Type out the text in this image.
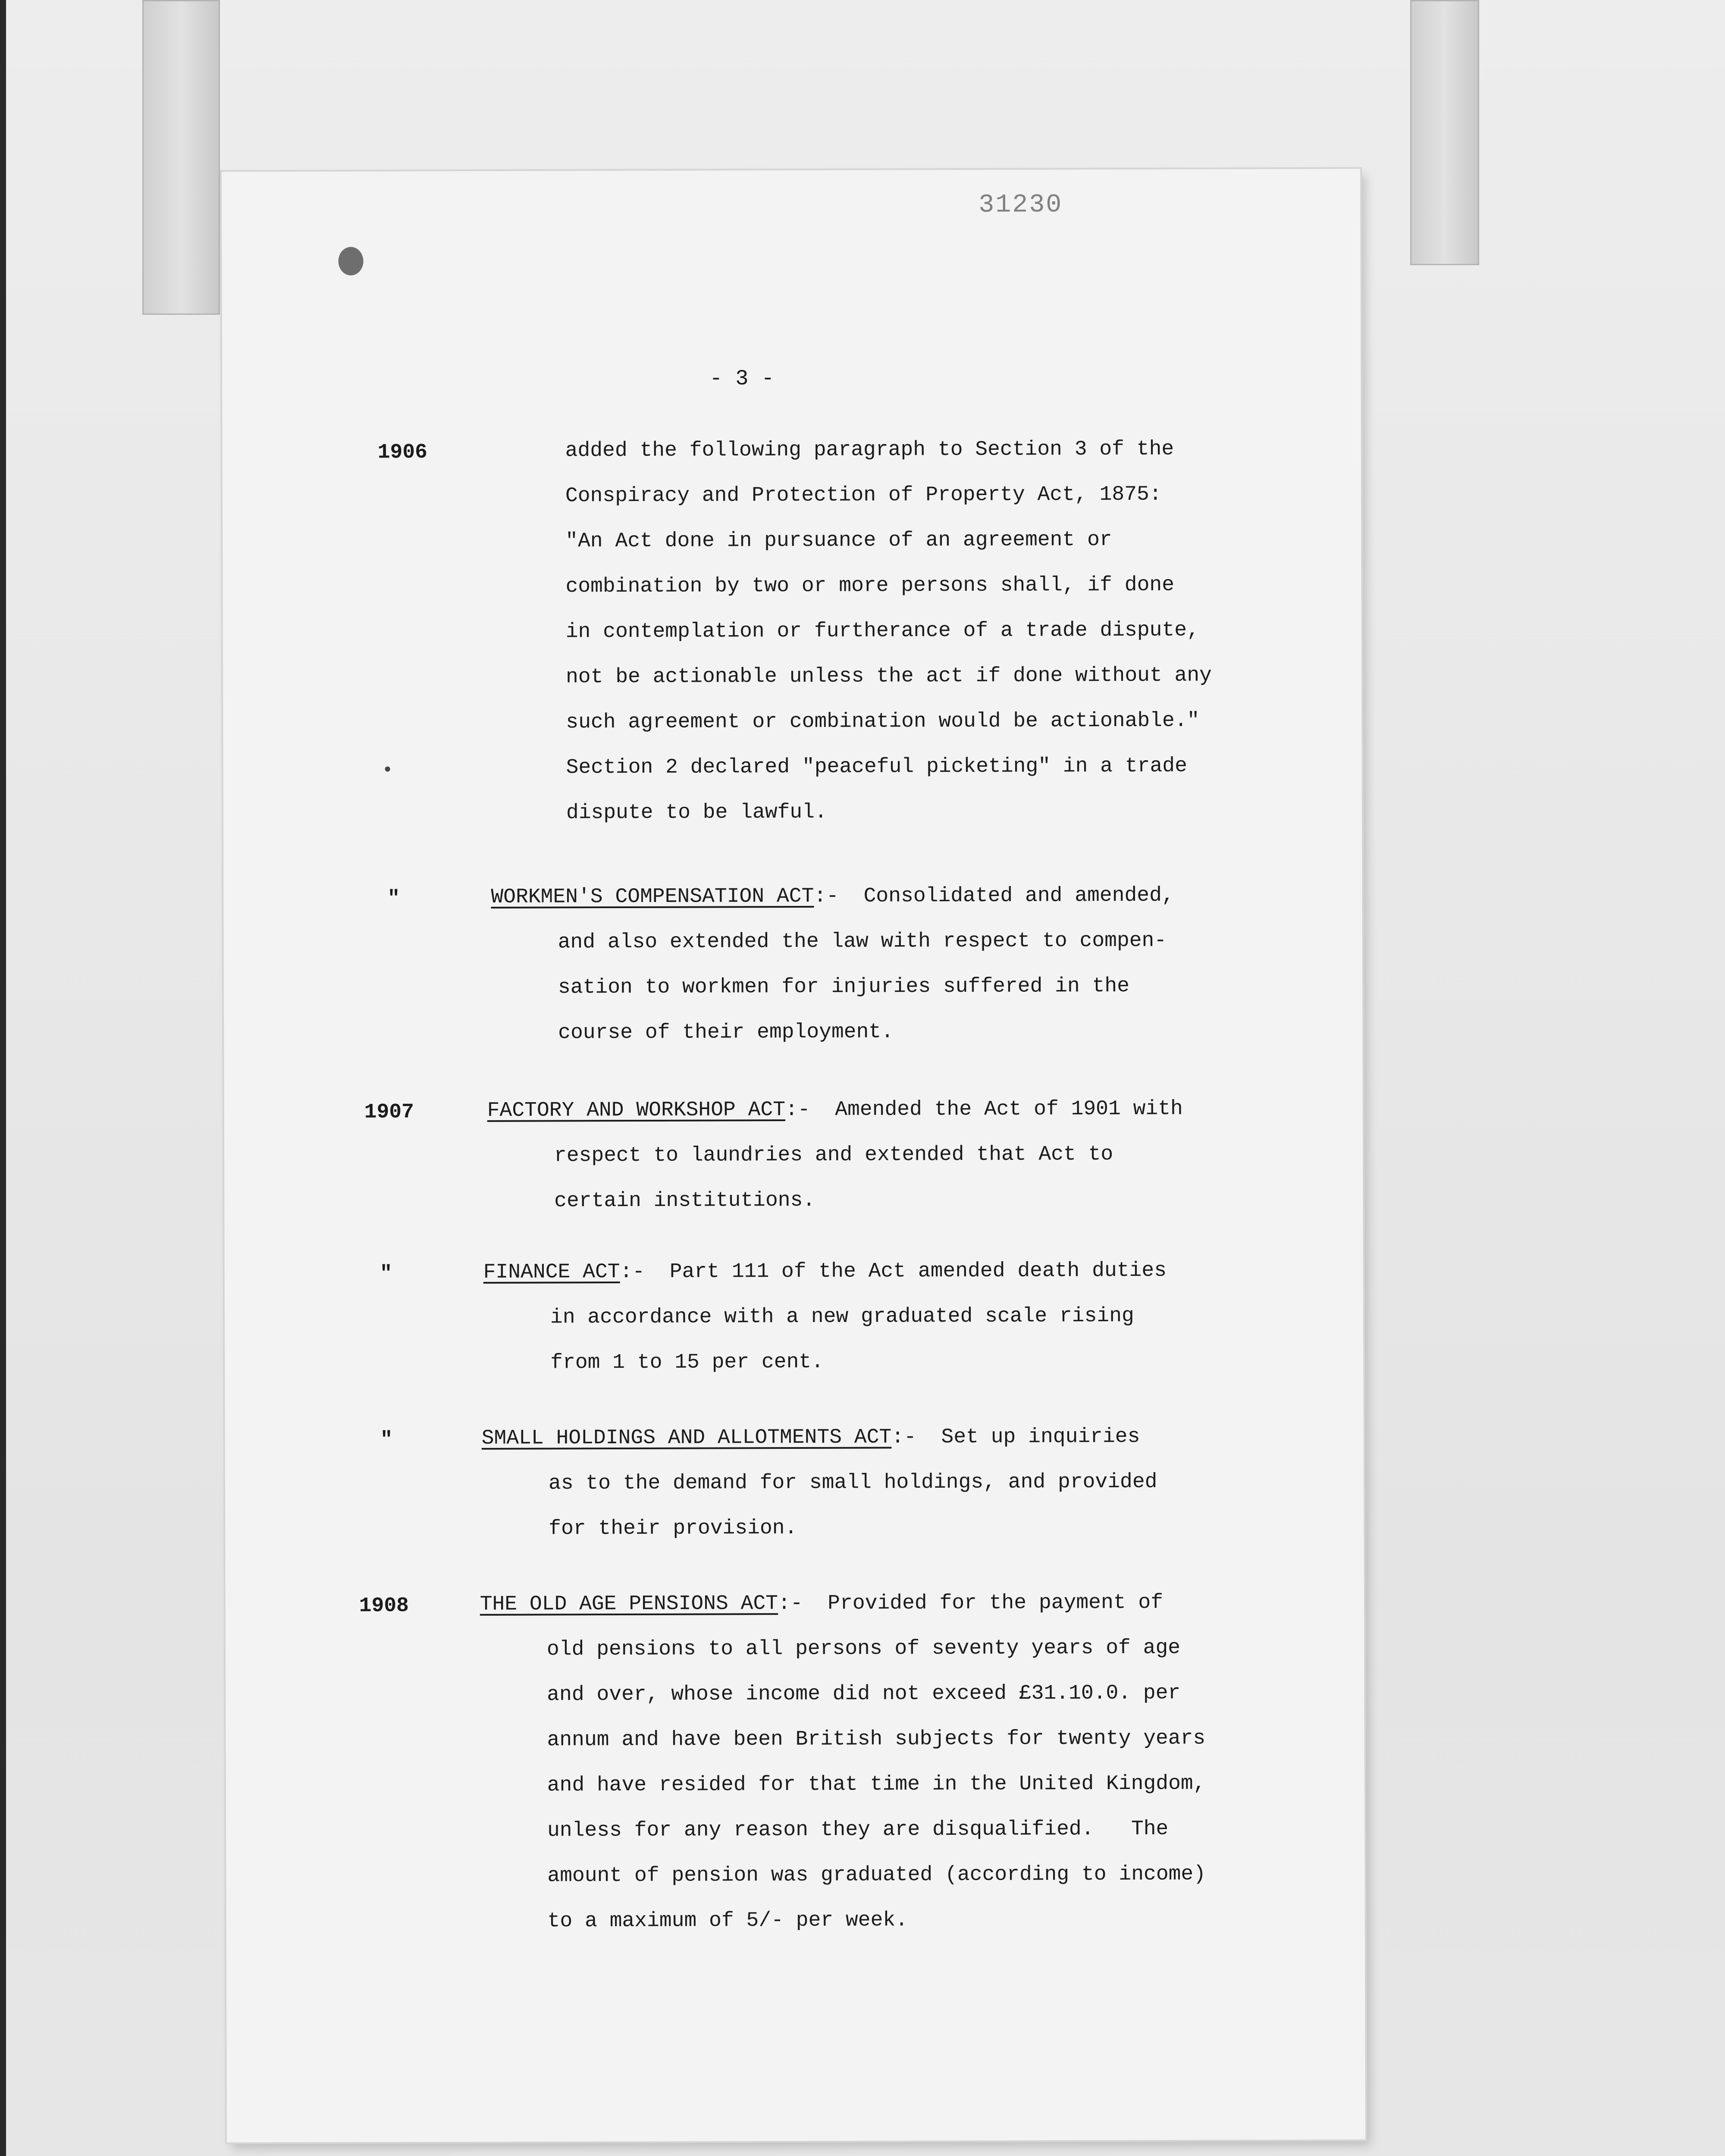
31230
- 3 -
1906	added the following paragraph to Section 3 of the
Conspiracy and Protection of Property Act, 1875:
"An Act done in pursuance of an agreement or
combination by two or more persons shall, if done
in contemplation or furtherance of a trade dispute,
not be actionable unless the act if done without any
such agreement or combination would be actionable."
Section 2 declared "peaceful picketing" in a trade
dispute to be lawful.
"	WORKMEN'S COMPENSATION ACT:-  Consolidated and amended,
and also extended the law with respect to compen-
sation to workmen for injuries suffered in the
course of their employment.
1907	FACTORY AND WORKSHOP ACT:-  Amended the Act of 1901 with
respect to laundries and extended that Act to
certain institutions.
"	FINANCE ACT:-  Part 111 of the Act amended death duties
in accordance with a new graduated scale rising
from 1 to 15 per cent.
"	SMALL HOLDINGS AND ALLOTMENTS ACT:-  Set up inquiries
as to the demand for small holdings, and provided
for their provision.
1908	THE OLD AGE PENSIONS ACT:-  Provided for the payment of
old pensions to all persons of seventy years of age
and over, whose income did not exceed £31.10.0. per
annum and have been British subjects for twenty years
and have resided for that time in the United Kingdom,
unless for any reason they are disqualified.   The
amount of pension was graduated (according to income)
to a maximum of 5/- per week.
